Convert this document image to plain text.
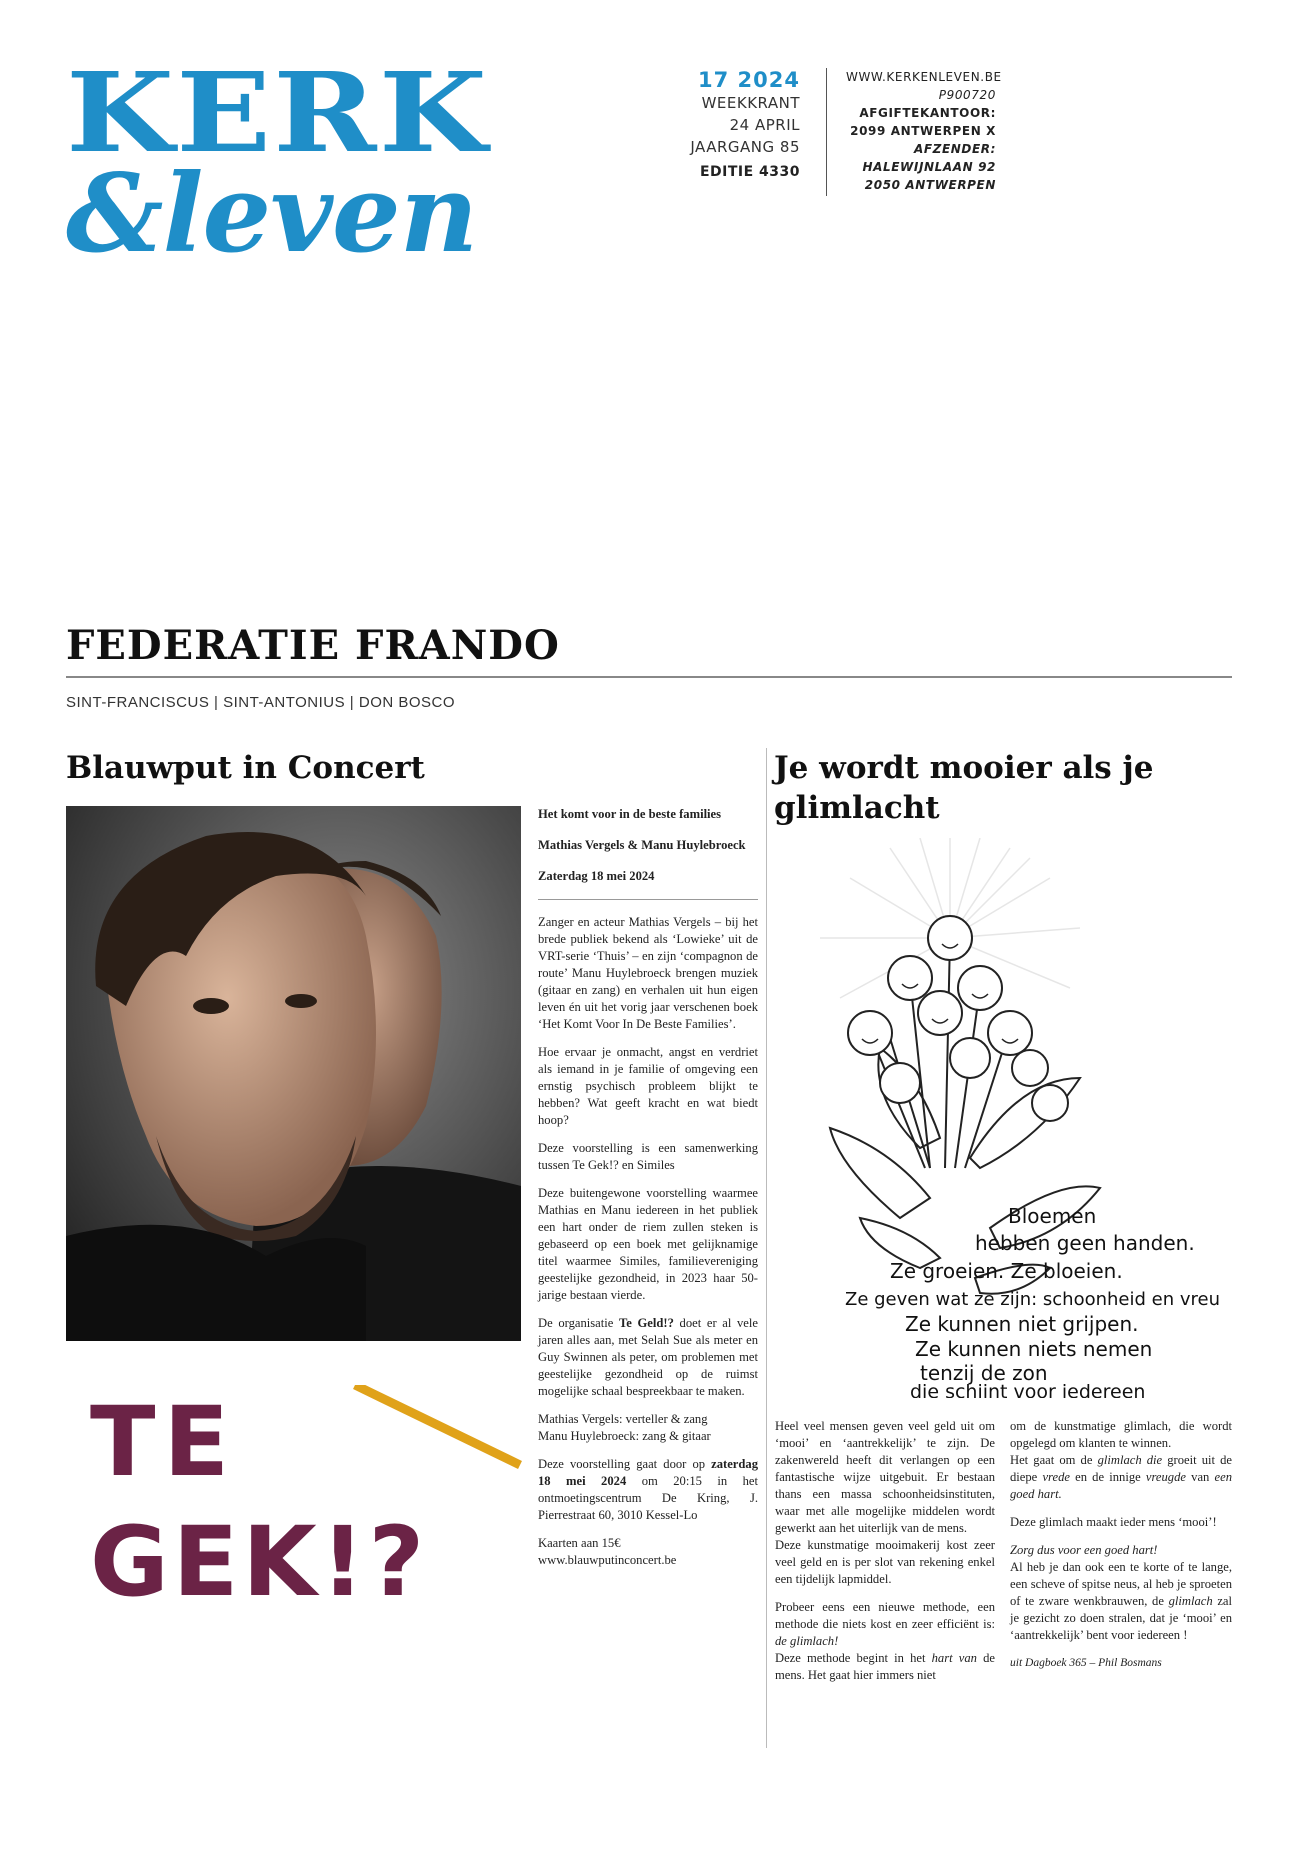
KERK
&leven
17 2024
WEEKKRANT
24 APRIL
JAARGANG 85
EDITIE 4330
WWW.KERKENLEVEN.BE
P900720
AFGIFTEKANTOOR:
2099 ANTWERPEN X
AFZENDER:
HALEWIJNLAAN 92
2050 ANTWERPEN
FEDERATIE FRANDO
SINT-FRANCISCUS | SINT-ANTONIUS | DON BOSCO
Blauwput in Concert
TE
GEK!?

Het komt voor in de beste families

Mathias Vergels & Manu Huylebroeck

Zaterdag 18 mei 2024

Zanger en acteur Mathias Vergels – bij het brede publiek bekend als ‘Lowieke’ uit de VRT-serie ‘Thuis’ – en zijn ‘compagnon de route’ Manu Huylebroeck brengen muziek (gitaar en zang) en verhalen uit hun eigen leven én uit het vorig jaar verschenen boek ‘Het Komt Voor In De Beste Families’.

Hoe ervaar je onmacht, angst en verdriet als iemand in je familie of omgeving een ernstig psychisch probleem blijkt te hebben? Wat geeft kracht en wat biedt hoop?

Deze voorstelling is een samenwerking tussen Te Gek!? en Similes

Deze buitengewone voorstelling waarmee Mathias en Manu iedereen in het publiek een hart onder de riem zullen steken is gebaseerd op een boek met gelijknamige titel waarmee Similes, familievereniging geestelijke gezondheid, in 2023 haar 50-jarige bestaan vierde.

De organisatie Te Geld!? doet er al vele jaren alles aan, met Selah Sue als meter en Guy Swinnen als peter, om problemen met geestelijke gezondheid op de ruimst mogelijke schaal bespreekbaar te maken.

Mathias Vergels: verteller & zang
Manu Huylebroeck: zang & gitaar

Deze voorstelling gaat door op zaterdag 18 mei 2024 om 20:15 in het ontmoetingscentrum De Kring, J. Pierrestraat 60, 3010 Kessel-Lo

Kaarten aan 15€
www.blauwputinconcert.be

Je wordt mooier als je glimlacht
Bloemen
hebben geen handen.
Ze groeien. Ze bloeien.
Ze geven wat ze zijn: schoonheid en vreugde.
Ze kunnen niet grijpen.
Ze kunnen niets nemen
tenzij de zon
die schijnt voor iedereen

Heel veel mensen geven veel geld uit om ‘mooi’ en ‘aantrekkelijk’ te zijn. De zakenwereld heeft dit verlangen op een fantastische wijze uitgebuit. Er bestaan thans een massa schoonheidsinstituten, waar met alle mogelijke middelen wordt gewerkt aan het uiterlijk van de mens.

Deze kunstmatige mooimakerij kost zeer veel geld en is per slot van rekening enkel een tijdelijk lapmiddel.

Probeer eens een nieuwe methode, een methode die niets kost en zeer efficiënt is: de glimlach!

Deze methode begint in het hart van de mens. Het gaat hier immers niet

om de kunstmatige glimlach, die wordt opgelegd om klanten te winnen.

Het gaat om de glimlach die groeit uit de diepe vrede en de innige vreugde van een goed hart.

Deze glimlach maakt ieder mens ‘mooi’!

Zorg dus voor een goed hart!

Al heb je dan ook een te korte of te lange, een scheve of spitse neus, al heb je sproeten of te zware wenkbrauwen, de glimlach zal je gezicht zo doen stralen, dat je ‘mooi’ en ‘aantrekkelijk’ bent voor iedereen !

uit Dagboek 365 – Phil Bosmans
